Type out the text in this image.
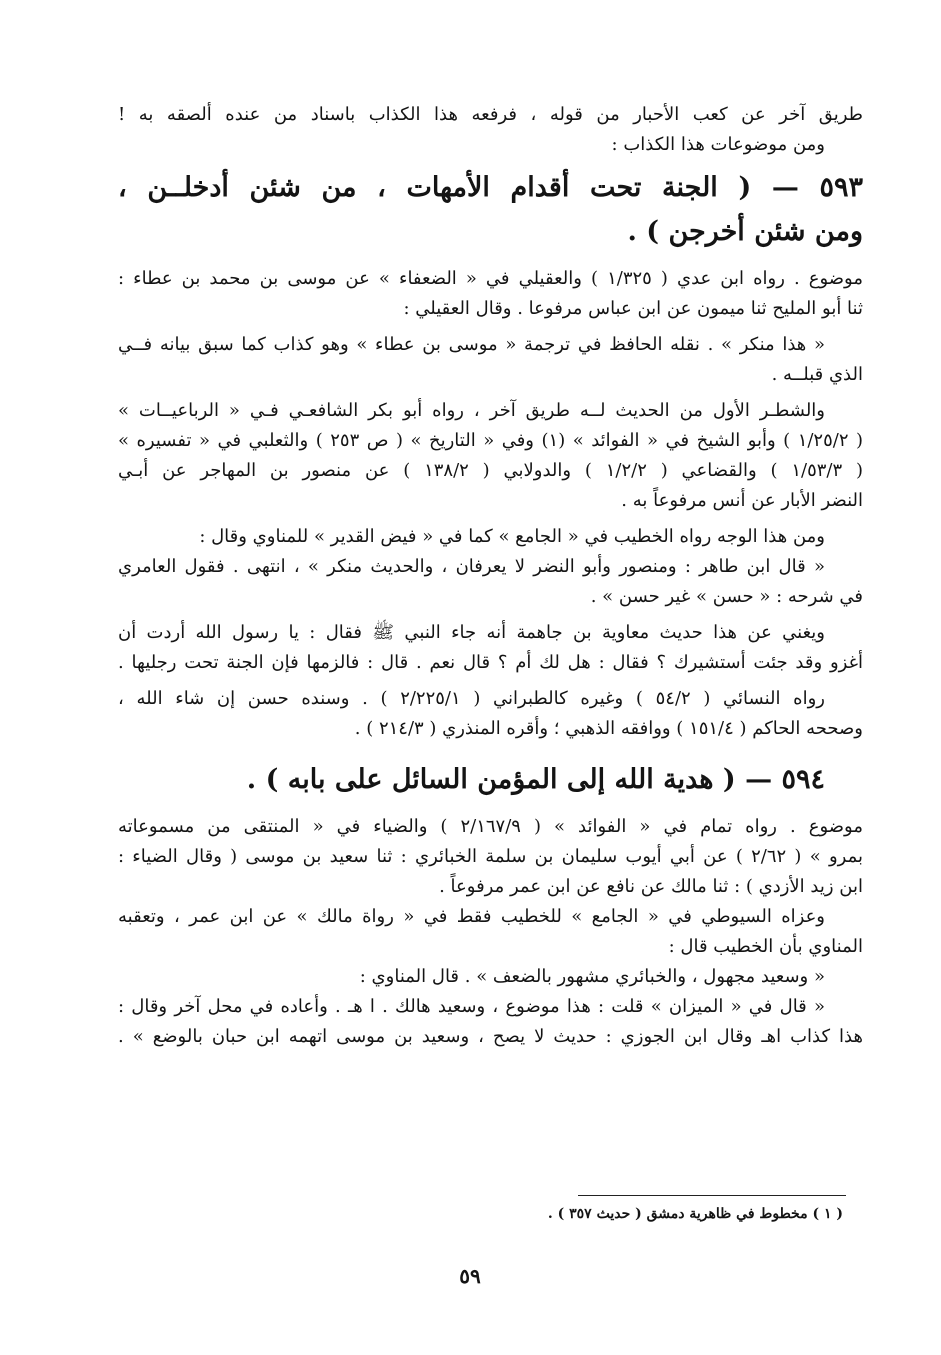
طريق آخر عن كعب الأحبار من قوله ، فرفعه هذا الكذاب باسناد من عنده ألصقه به !
ومن موضوعات هذا الكذاب :
٥٩٣ — ( الجنة تحت أقدام الأمهات ، من شئن أدخلــن ،
ومن شئن أخرجن ) .
موضوع . رواه ابن عدي ( ١/٣٢٥ ) والعقيلي في « الضعفاء » عن موسى بن محمد بن عطاء :
ثنا أبو المليح ثنا ميمون عن ابن عباس مرفوعا . وقال العقيلي :
« هذا منكر » . نقله الحافظ في ترجمة « موسى بن عطاء » وهو كذاب كما سبق بيانه فــي
الذي قبلــه .
والشطـر الأول من الحديث لــه طريق آخر ، رواه أبو بكر الشافعـي فـي « الرباعيــات »
( ١/٢٥/٢ ) وأبو الشيخ في « الفوائد » (١) وفي « التاريخ » ( ص ٢٥٣ ) والثعلبي في « تفسيره »
( ١/٥٣/٣ ) والقضاعي ( ١/٢/٢ ) والدولابي ( ١٣٨/٢ ) عن منصور بن المهاجر عن أبـي
النضر الأبار عن أنس مرفوعاً به .
ومن هذا الوجه رواه الخطيب في « الجامع » كما في « فيض القدير » للمناوي وقال :
« قال ابن طاهر : ومنصور وأبو النضر لا يعرفان ، والحديث منكر » ، انتهى . فقول العامري
في شرحه : « حسن » غير حسن » .
ويغني عن هذا حديث معاوية بن جاهمة أنه جاء النبي ﷺ فقال : يا رسول الله أردت أن
أغزو وقد جئت أستشيرك ؟ فقال : هل لك أم ؟ قال نعم . قال : فالزمها فإن الجنة تحت رجليها .
رواه النسائي ( ٥٤/٢ ) وغيره كالطبراني ( ٢/٢٢٥/١ ) . وسنده حسن إن شاء الله ،
وصححه الحاكم ( ١٥١/٤ ) ووافقه الذهبي ؛ وأقره المنذري ( ٢١٤/٣ ) .
٥٩٤ — ( هدية الله إلى المؤمن السائل على بابه ) .
موضوع . رواه تمام في « الفوائد » ( ٢/١٦٧/٩ ) والضياء في « المنتقى من مسموعاته
بمرو » ( ٢/٦٢ ) عن أبي أيوب سليمان بن سلمة الخبائري : ثنا سعيد بن موسى ( وقال الضياء :
ابن زيد الأزدي ) : ثنا مالك عن نافع عن ابن عمر مرفوعاً .
وعزاه السيوطي في « الجامع » للخطيب فقط في « رواة مالك » عن ابن عمر ، وتعقبه
المناوي بأن الخطيب قال :
« وسعيد مجهول ، والخبائري مشهور بالضعف » . قال المناوي :
« قال في « الميزان » قلت : هذا موضوع ، وسعيد هالك . ا هـ . وأعاده في محل آخر وقال :
هذا كذاب اهـ وقال ابن الجوزي : حديث لا يصح ، وسعيد بن موسى اتهمه ابن حبان بالوضع » .
( ١ ) مخطوط في ظاهرية دمشق ( حديث ٣٥٧ ) .
٥٩
